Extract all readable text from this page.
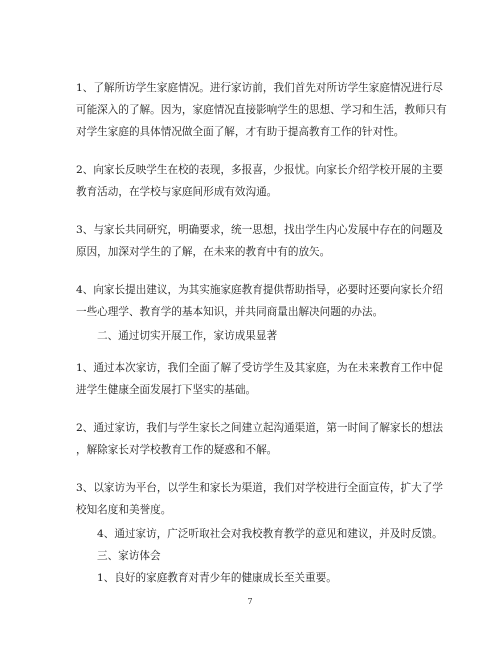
1、了解所访学生家庭情况。进行家访前，我们首先对所访学生家庭情况进行尽

可能深入的了解。因为，家庭情况直接影响学生的思想、学习和生活，教师只有

对学生家庭的具体情况做全面了解，才有助于提高教育工作的针对性。

2、向家长反映学生在校的表现，多报喜，少报忧。向家长介绍学校开展的主要

教育活动，在学校与家庭间形成有效沟通。

3、与家长共同研究，明确要求，统一思想，找出学生内心发展中存在的问题及

原因，加深对学生的了解，在未来的教育中有的放矢。

4、向家长提出建议，为其实施家庭教育提供帮助指导，必要时还要向家长介绍

一些心理学、教育学的基本知识，并共同商量出解决问题的办法。

二、通过切实开展工作，家访成果显著

1、通过本次家访，我们全面了解了受访学生及其家庭，为在未来教育工作中促

进学生健康全面发展打下坚实的基础。

2、通过家访，我们与学生家长之间建立起沟通渠道，第一时间了解家长的想法

，解除家长对学校教育工作的疑惑和不解。

3、以家访为平台，以学生和家长为渠道，我们对学校进行全面宣传，扩大了学

校知名度和美誉度。

4、通过家访，广泛听取社会对我校教育教学的意见和建议，并及时反馈。

三、家访体会

1、良好的家庭教育对青少年的健康成长至关重要。

7
